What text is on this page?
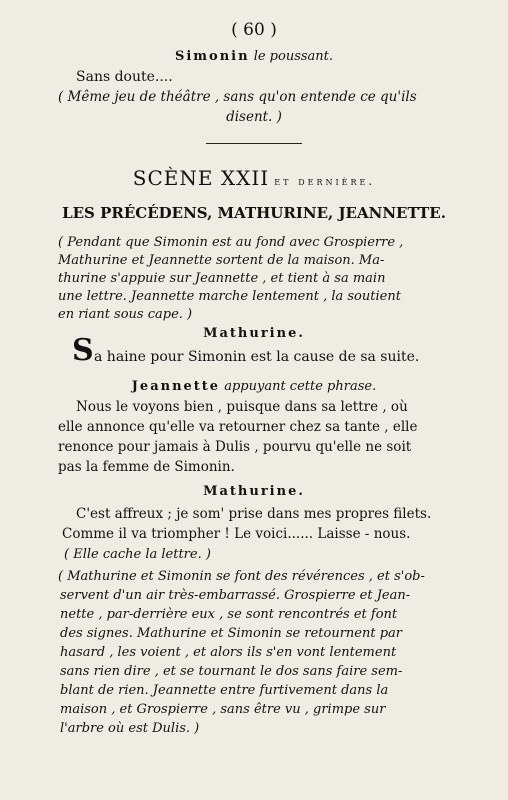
( 60 )
Simonin le poussant.
Sans doute....
( Même jeu de théâtre , sans qu'on entende ce qu'ils
disent. )
SCÈNE XXII et dernière.
LES PRÉCÉDENS, MATHURINE, JEANNETTE.
( Pendant que Simonin est au fond avec Grospierre ,
Mathurine et Jeannette sortent de la maison. Ma-
thurine s'appuie sur Jeannette , et tient à sa main
une lettre. Jeannette marche lentement , la soutient
en riant sous cape. )
Mathurine.
S a haine pour Simonin est la cause de sa suite.
Jeannette appuyant cette phrase.
Nous le voyons bien , puisque dans sa lettre , où
elle annonce qu'elle va retourner chez sa tante , elle
renonce pour jamais à Dulis , pourvu qu'elle ne soit
pas la femme de Simonin.
Mathurine.
C'est affreux ; je som' prise dans mes propres filets.
Comme il va triompher ! Le voici...... Laisse - nous.
( Elle cache la lettre. )
( Mathurine et Simonin se font des révérences , et s'ob-
servent d'un air très-embarrassé. Grospierre et Jean-
nette , par-derrière eux , se sont rencontrés et font
des signes. Mathurine et Simonin se retournent par
hasard , les voient , et alors ils s'en vont lentement
sans rien dire , et se tournant le dos sans faire sem-
blant de rien. Jeannette entre furtivement dans la
maison , et Grospierre , sans être vu , grimpe sur
l'arbre où est Dulis. )
